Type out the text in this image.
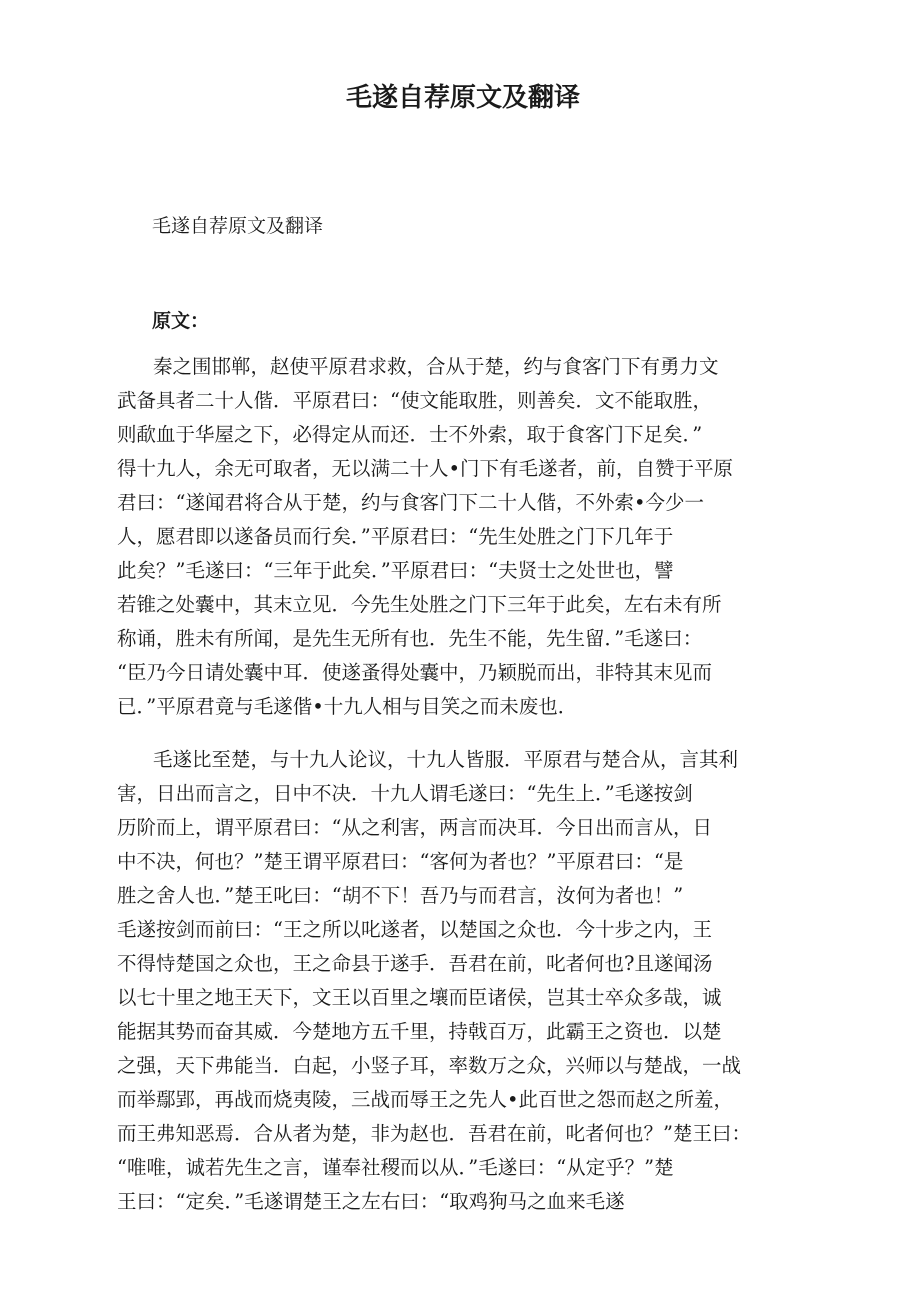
毛遂自荐原文及翻译

毛遂自荐原文及翻译

原文：

秦之围邯郸，赵使平原君求救，合从于楚，约与食客门下有勇力文
武备具者二十人偕．平原君曰：“使文能取胜，则善矣．文不能取胜，
则歃血于华屋之下，必得定从而还．士不外索，取于食客门下足矣．”
得十九人，余无可取者，无以满二十人•门下有毛遂者，前，自赞于平原
君曰：“遂闻君将合从于楚，约与食客门下二十人偕，不外索•今少一
人，愿君即以遂备员而行矣．”平原君曰：“先生处胜之门下几年于
此矣？”毛遂曰：“三年于此矣．”平原君曰：“夫贤士之处世也，譬
若锥之处囊中，其末立见．今先生处胜之门下三年于此矣，左右未有所
称诵，胜未有所闻，是先生无所有也．先生不能，先生留．”毛遂曰：
“臣乃今日请处囊中耳．使遂蚤得处囊中，乃颖脱而出，非特其末见而
已．”平原君竟与毛遂偕•十九人相与目笑之而未废也．
毛遂比至楚，与十九人论议，十九人皆服．平原君与楚合从，言其利
害，日出而言之，日中不决．十九人谓毛遂曰：“先生上．”毛遂按剑
历阶而上，谓平原君曰：“从之利害，两言而决耳．今日出而言从，日
中不决，何也？”楚王谓平原君曰：“客何为者也？”平原君曰：“是
胜之舍人也．”楚王叱曰：“胡不下！吾乃与而君言，汝何为者也！”
毛遂按剑而前曰：“王之所以叱遂者，以楚国之众也．今十步之内，王
不得恃楚国之众也，王之命县于遂手．吾君在前，叱者何也?且遂闻汤
以七十里之地王天下，文王以百里之壤而臣诸侯，岂其士卒众多哉，诚
能据其势而奋其威．今楚地方五千里，持戟百万，此霸王之资也．以楚
之强，天下弗能当．白起，小竖子耳，率数万之众，兴师以与楚战，一战
而举鄢郢，再战而烧夷陵，三战而辱王之先人•此百世之怨而赵之所羞，
而王弗知恶焉．合从者为楚，非为赵也．吾君在前，叱者何也？”楚王曰：
“唯唯，诚若先生之言，谨奉社稷而以从．”毛遂曰：“从定乎？”楚
王曰：“定矣．”毛遂谓楚王之左右曰：“取鸡狗马之血来毛遂
